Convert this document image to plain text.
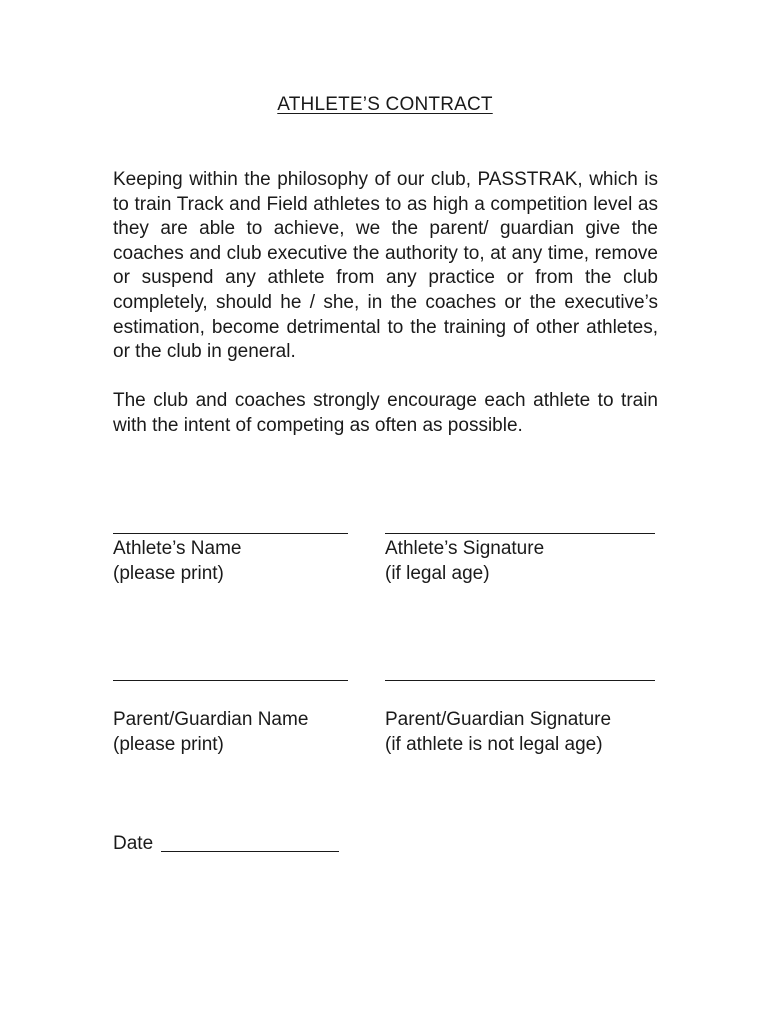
ATHLETE’S CONTRACT

Keeping within the philosophy of our club, PASSTRAK, which is to train Track and Field athletes to as high a competition level as they are able to achieve, we the parent/ guardian give the coaches and club executive the authority to, at any time, remove or suspend any athlete from any practice or from the club completely, should he / she, in the coaches or the executive’s estimation, become detrimental to the training of other athletes, or the club in general.

The club and coaches strongly encourage each athlete to train with the intent of competing as often as possible.

Athlete’s Name
(please print)
Athlete’s Signature
(if legal age)
Parent/Guardian Name
(please print)
Parent/Guardian Signature
(if athlete is not legal age)
Date
